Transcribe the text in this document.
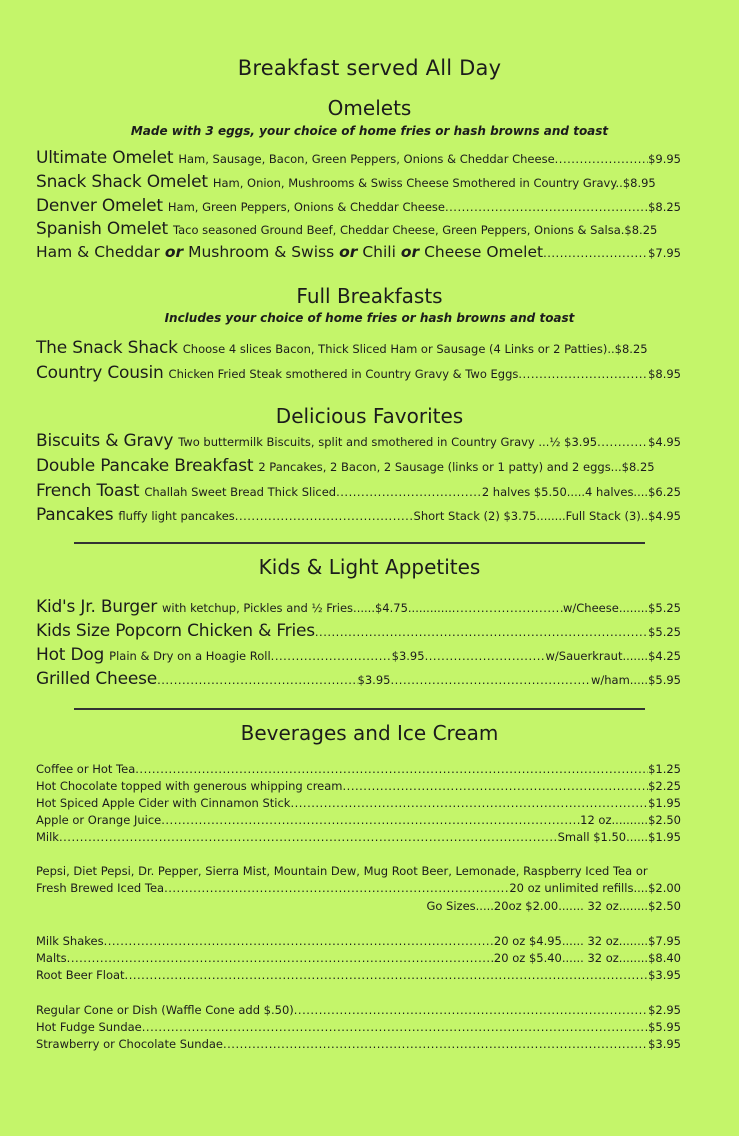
Breakfast served All Day
Omelets
Made with 3 eggs, your choice of home fries or hash browns and toast
Ultimate Omelet Ham, Sausage, Bacon, Green Peppers, Onions & Cheddar Cheese .....	$9.95
Snack Shack Omelet Ham, Onion, Mushrooms & Swiss Cheese Smothered in Country Gravy.. $8.95
Denver Omelet Ham, Green Peppers, Onions & Cheddar Cheese .....	$8.25
Spanish Omelet Taco seasoned Ground Beef, Cheddar Cheese, Green Peppers, Onions & Salsa. $8.25
Ham & Cheddar or Mushroom & Swiss or Chili or Cheese Omelet .....	$7.95
Full Breakfasts
Includes your choice of home fries or hash browns and toast
The Snack Shack Choose 4 slices Bacon, Thick Sliced Ham or Sausage (4 Links or 2 Patties).. $8.25
Country Cousin Chicken Fried Steak smothered in Country Gravy & Two Eggs .....	$8.95
Delicious Favorites
Biscuits & Gravy Two buttermilk Biscuits, split and smothered in Country Gravy ...½ $3.95 .....	$4.95
Double Pancake Breakfast 2 Pancakes, 2 Bacon, 2 Sausage (links or 1 patty) and 2 eggs... $8.25
French Toast Challah Sweet Bread Thick Sliced .....	2 halves $5.50.....4 halves.... $6.25
Pancakes fluffy light pancakes .....	Short Stack (2) $3.75........Full Stack (3).. $4.95
Kids & Light Appetites
Kid's Jr. Burger with ketchup, Pickles and ½ Fries......$4.75............ .....	w/Cheese........ $5.25
Kids Size Popcorn Chicken & Fries .....	$5.25
Hot Dog Plain & Dry on a Hoagie Roll .....	$3.95 .....	w/Sauerkraut....... $4.25
Grilled Cheese .....	$3.95 .....	w/ham..... $5.95
Beverages and Ice Cream
Coffee or Hot Tea .....	$1.25
Hot Chocolate topped with generous whipping cream .....	$2.25
Hot Spiced Apple Cider with Cinnamon Stick .....	$1.95
Apple or Orange Juice .....	12 oz.......... $2.50
Milk .....	Small $1.50...... $1.95
Pepsi, Diet Pepsi, Dr. Pepper, Sierra Mist, Mountain Dew, Mug Root Beer, Lemonade, Raspberry Iced Tea or
Fresh Brewed Iced Tea .....	20 oz unlimited refills.... $2.00
Go Sizes.....20oz $2.00....... 32 oz........$2.50
Milk Shakes .....	20 oz $4.95...... 32 oz........ $7.95
Malts .....	20 oz $5.40...... 32 oz........ $8.40
Root Beer Float .....	$3.95
Regular Cone or Dish (Waffle Cone add $.50) .....	$2.95
Hot Fudge Sundae .....	$5.95
Strawberry or Chocolate Sundae .....	$3.95
